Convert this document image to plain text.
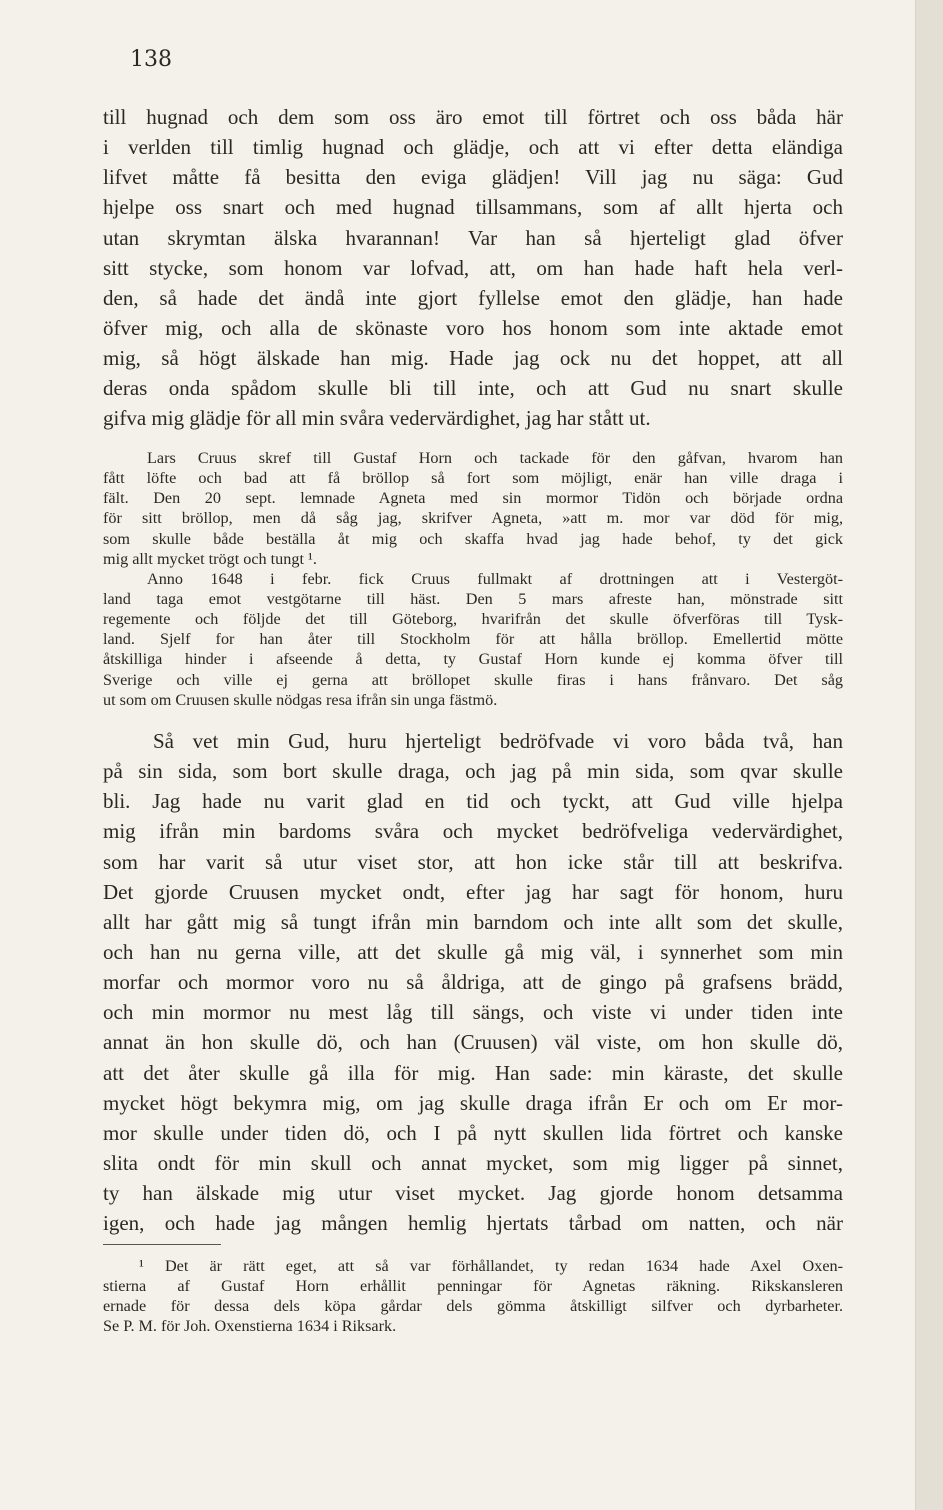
138
till hugnad och dem som oss äro emot till förtret och oss båda här
i verlden till timlig hugnad och glädje, och att vi efter detta eländiga
lifvet måtte få besitta den eviga glädjen! Vill jag nu säga: Gud
hjelpe oss snart och med hugnad tillsammans, som af allt hjerta och
utan skrymtan älska hvarannan! Var han så hjerteligt glad öfver
sitt stycke, som honom var lofvad, att, om han hade haft hela verl-
den, så hade det ändå inte gjort fyllelse emot den glädje, han hade
öfver mig, och alla de skönaste voro hos honom som inte aktade emot
mig, så högt älskade han mig. Hade jag ock nu det hoppet, att all
deras onda spådom skulle bli till inte, och att Gud nu snart skulle
gifva mig glädje för all min svåra vedervärdighet, jag har stått ut.
Lars Cruus skref till Gustaf Horn och tackade för den gåfvan, hvarom han
fått löfte och bad att få bröllop så fort som möjligt, enär han ville draga i
fält. Den 20 sept. lemnade Agneta med sin mormor Tidön och började ordna
för sitt bröllop, men då såg jag, skrifver Agneta, »att m. mor var död för mig,
som skulle både beställa åt mig och skaffa hvad jag hade behof, ty det gick
mig allt mycket trögt och tungt ¹.
Anno 1648 i febr. fick Cruus fullmakt af drottningen att i Vestergöt-
land taga emot vestgötarne till häst. Den 5 mars afreste han, mönstrade sitt
regemente och följde det till Göteborg, hvarifrån det skulle öfverföras till Tysk-
land. Sjelf for han åter till Stockholm för att hålla bröllop. Emellertid mötte
åtskilliga hinder i afseende å detta, ty Gustaf Horn kunde ej komma öfver till
Sverige och ville ej gerna att bröllopet skulle firas i hans frånvaro. Det såg
ut som om Cruusen skulle nödgas resa ifrån sin unga fästmö.
Så vet min Gud, huru hjerteligt bedröfvade vi voro båda två, han
på sin sida, som bort skulle draga, och jag på min sida, som qvar skulle
bli. Jag hade nu varit glad en tid och tyckt, att Gud ville hjelpa
mig ifrån min bardoms svåra och mycket bedröfveliga vedervärdighet,
som har varit så utur viset stor, att hon icke står till att beskrifva.
Det gjorde Cruusen mycket ondt, efter jag har sagt för honom, huru
allt har gått mig så tungt ifrån min barndom och inte allt som det skulle,
och han nu gerna ville, att det skulle gå mig väl, i synnerhet som min
morfar och mormor voro nu så åldriga, att de gingo på grafsens brädd,
och min mormor nu mest låg till sängs, och viste vi under tiden inte
annat än hon skulle dö, och han (Cruusen) väl viste, om hon skulle dö,
att det åter skulle gå illa för mig. Han sade: min käraste, det skulle
mycket högt bekymra mig, om jag skulle draga ifrån Er och om Er mor-
mor skulle under tiden dö, och I på nytt skullen lida förtret och kanske
slita ondt för min skull och annat mycket, som mig ligger på sinnet,
ty han älskade mig utur viset mycket. Jag gjorde honom detsamma
igen, och hade jag mången hemlig hjertats tårbad om natten, och när
¹ Det är rätt eget, att så var förhållandet, ty redan 1634 hade Axel Oxen-
stierna af Gustaf Horn erhållit penningar för Agnetas räkning. Rikskansleren
ernade för dessa dels köpa gårdar dels gömma åtskilligt silfver och dyrbarheter.
Se P. M. för Joh. Oxenstierna 1634 i Riksark.
